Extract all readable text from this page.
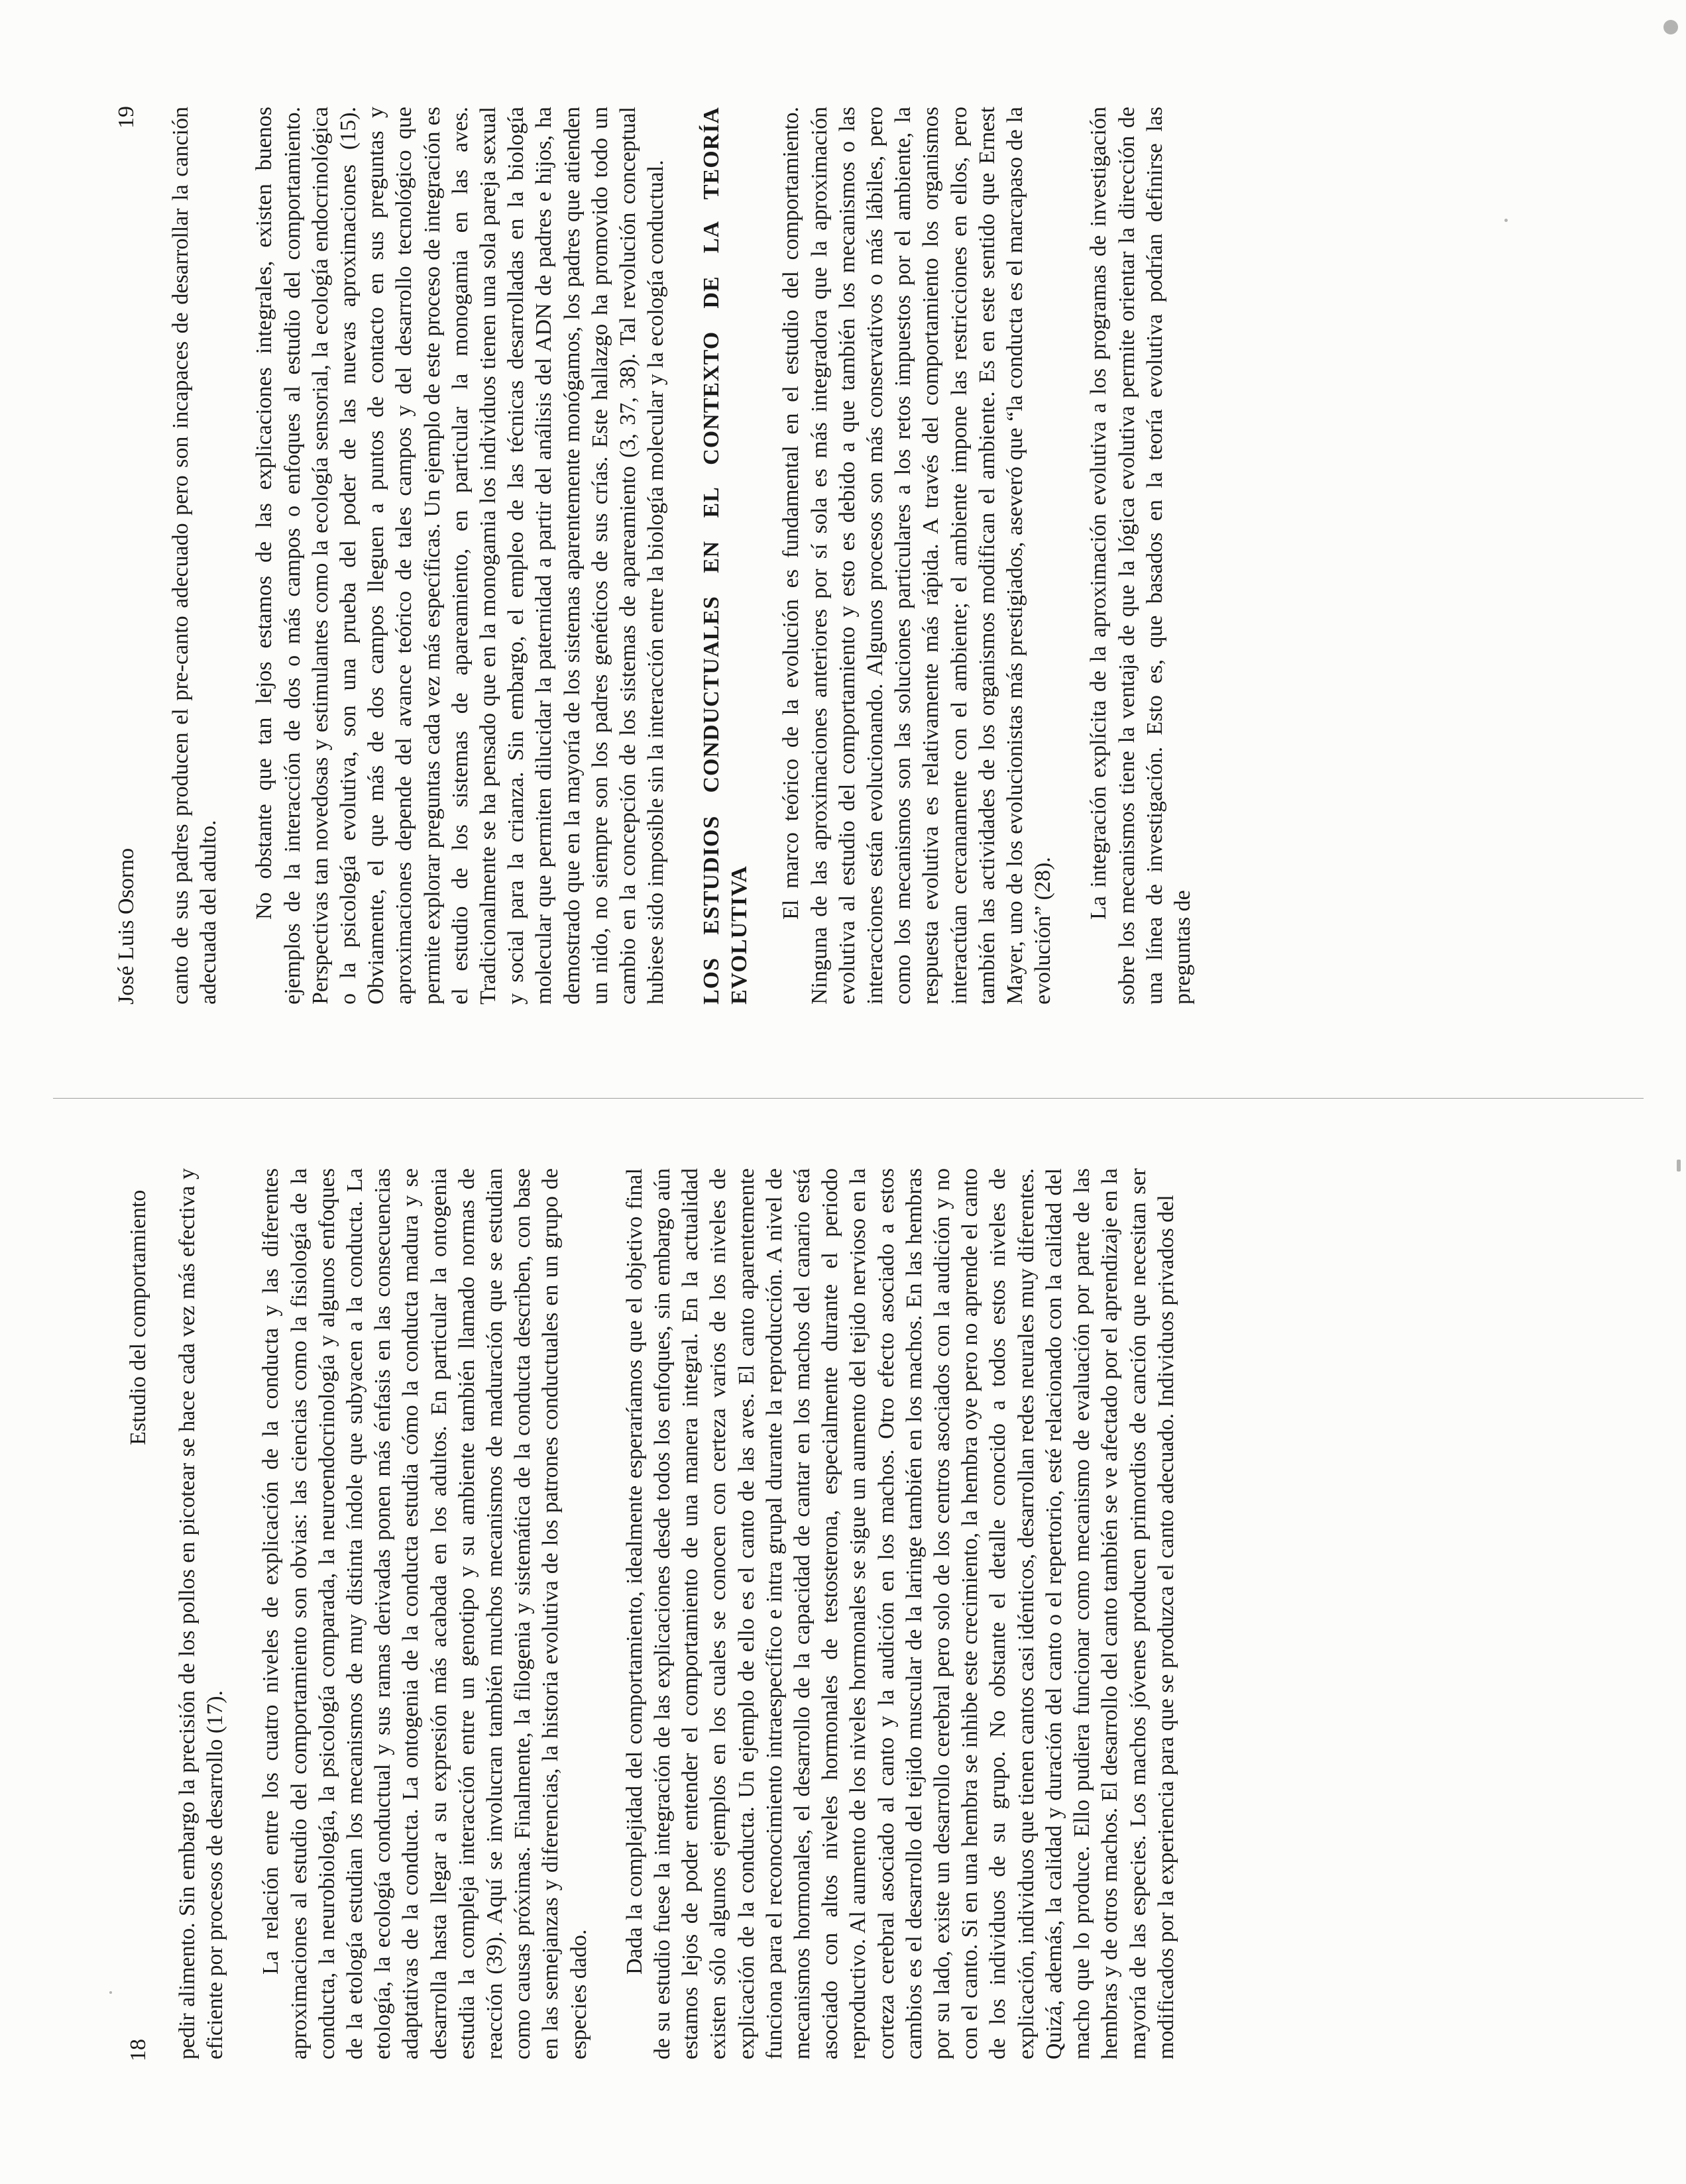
18
Estudio del comportamiento pedir alimento. Sin embargo la precisión de los pollos en picotear se hace cada vez más efectiva y eficiente por procesos de desarrollo (17). La relación entre los cuatro niveles de explicación de la conducta y las diferentes aproximaciones al estudio del comportamiento son obvias: las ciencias como la fisiología de la conducta, la neurobiología, la psicología comparada, la neuroendocrinología y algunos enfoques de la etología estudian los mecanismos de muy distinta índole que subyacen a la conducta. La etología, la ecología conductual y sus ramas derivadas ponen más énfasis en las consecuencias adaptativas de la conducta. La ontogenia de la conducta estudia cómo la conducta madura y se desarrolla hasta llegar a su expresión más acabada en los adultos. En particular la ontogenia estudia la compleja interacción entre un genotipo y su ambiente también llamado normas de reacción (39). Aquí se involucran también muchos mecanismos de maduración que se estudian como causas próximas. Finalmente, la filogenia y sistemática de la conducta describen, con base en las semejanzas y diferencias, la historia evolutiva de los patrones conductuales en un grupo de especies dado.

Dada la complejidad del comportamiento, idealmente esperaríamos que el objetivo final de su estudio fuese la integración de las explicaciones desde todos los enfoques, sin embargo aún estamos lejos de poder entender el comportamiento de una manera integral. En la actualidad existen sólo algunos ejemplos en los cuales se conocen con certeza varios de los niveles de explicación de la conducta. Un ejemplo de ello es el canto de las aves. El canto aparentemente funciona para el reconocimiento intraespecífico e intra grupal durante la reproducción. A nivel de mecanismos hormonales, el desarrollo de la capacidad de cantar en los machos del canario está asociado con altos niveles hormonales de testosterona, especialmente durante el periodo reproductivo. Al aumento de los niveles hormonales se sigue un aumento del tejido nervioso en la corteza cerebral asociado al canto y la audición en los machos. Otro efecto asociado a estos cambios es el desarrollo del tejido muscular de la laringe también en los machos. En las hembras por su lado, existe un desarrollo cerebral pero solo de los centros asociados con la audición y no con el canto. Si en una hembra se inhibe este crecimiento, la hembra oye pero no aprende el canto de los individuos de su grupo. No obstante el detalle conocido a todos estos niveles de explicación, individuos que tienen cantos casi idénticos, desarrollan redes neurales muy diferentes. Quizá, además, la calidad y duración del canto o el repertorio, esté relacionado con la calidad del macho que lo produce. Ello pudiera funcionar como mecanismo de evaluación por parte de las hembras y de otros machos. El desarrollo del canto también se ve afectado por el aprendizaje en la mayoría de las especies. Los machos jóvenes producen primordios de canción que necesitan ser modificados por la experiencia para que se produzca el canto adecuado. Individuos privados del

José Luis Osorno
19 canto de sus padres producen el pre-canto adecuado pero son incapaces de desarrollar la canción adecuada del adulto. No obstante que tan lejos estamos de las explicaciones integrales, existen buenos ejemplos de la interacción de dos o más campos o enfoques al estudio del comportamiento. Perspectivas tan novedosas y estimulantes como la ecología sensorial, la ecología endocrinológica o la psicología evolutiva, son una prueba del poder de las nuevas aproximaciones (15). Obviamente, el que más de dos campos lleguen a puntos de contacto en sus preguntas y aproximaciones depende del avance teórico de tales campos y del desarrollo tecnológico que permite explorar preguntas cada vez más específicas. Un ejemplo de este proceso de integración es el estudio de los sistemas de apareamiento, en particular la monogamia en las aves. Tradicionalmente se ha pensado que en la monogamia los individuos tienen una sola pareja sexual y social para la crianza. Sin embargo, el empleo de las técnicas desarrolladas en la biología molecular que permiten dilucidar la paternidad a partir del análisis del ADN de padres e hijos, ha demostrado que en la mayoría de los sistemas aparentemente monógamos, los padres que atienden un nido, no siempre son los padres genéticos de sus crías. Este hallazgo ha promovido todo un cambio en la concepción de los sistemas de apareamiento (3, 37, 38). Tal revolución conceptual hubiese sido imposible sin la interacción entre la biología molecular y la ecología conductual. LOS ESTUDIOS CONDUCTUALES EN EL CONTEXTO DE LA TEORÍA EVOLUTIVA

El marco teórico de la evolución es fundamental en el estudio del comportamiento. Ninguna de las aproximaciones anteriores por sí sola es más integradora que la aproximación evolutiva al estudio del comportamiento y esto es debido a que también los mecanismos o las interacciones están evolucionando. Algunos procesos son más conservativos o más lábiles, pero como los mecanismos son las soluciones particulares a los retos impuestos por el ambiente, la respuesta evolutiva es relativamente más rápida. A través del comportamiento los organismos interactúan cercanamente con el ambiente; el ambiente impone las restricciones en ellos, pero también las actividades de los organismos modifican el ambiente. Es en este sentido que Ernest Mayer, uno de los evolucionistas más prestigiados, aseveró que “la conducta es el marcapaso de la evolución” (28).

La integración explícita de la aproximación evolutiva a los programas de investigación sobre los mecanismos tiene la ventaja de que la lógica evolutiva permite orientar la dirección de una línea de investigación. Esto es, que basados en la teoría evolutiva podrían definirse las preguntas de
